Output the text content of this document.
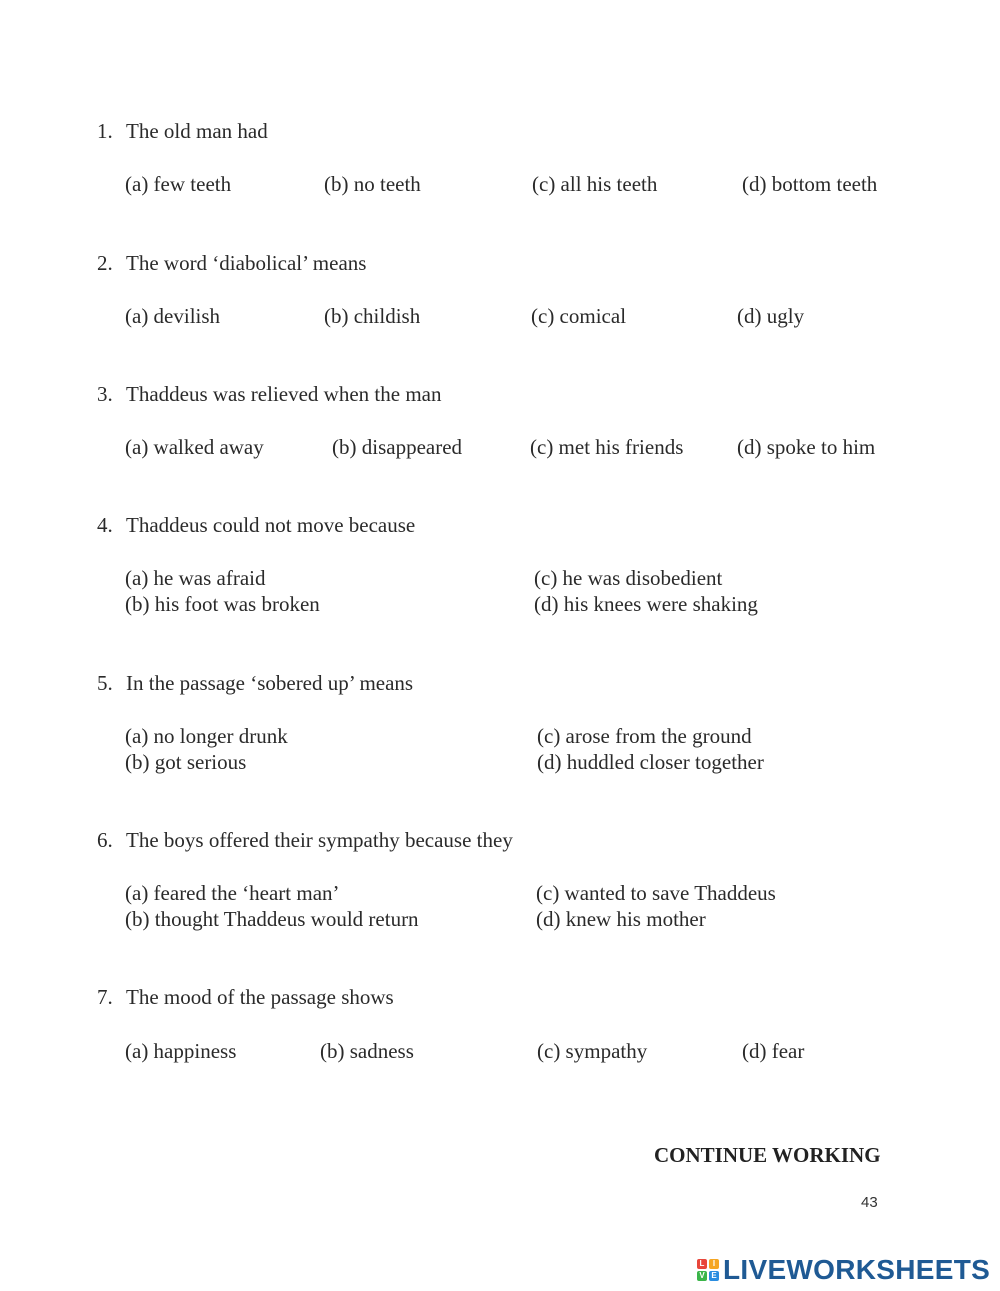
1. The old man had
(a) few teeth	(b) no teeth	(c) all his teeth	(d) bottom teeth
2. The word ‘diabolical’ means
(a) devilish	(b) childish	(c) comical	(d) ugly
3. Thaddeus was relieved when the man
(a) walked away	(b) disappeared	(c) met his friends	(d) spoke to him
4. Thaddeus could not move because
(a) he was afraid
(b) his foot was broken
(c) he was disobedient
(d) his knees were shaking
5. In the passage ‘sobered up’ means
(a) no longer drunk
(b) got serious
(c) arose from the ground
(d) huddled closer together
6. The boys offered their sympathy because they
(a) feared the ‘heart man’
(b) thought Thaddeus would return
(c) wanted to save Thaddeus
(d) knew his mother
7. The mood of the passage shows
(a) happiness	(b) sadness	(c) sympathy	(d) fear
CONTINUE WORKING
43
L	I
V E LIVEWORKSHEETS
